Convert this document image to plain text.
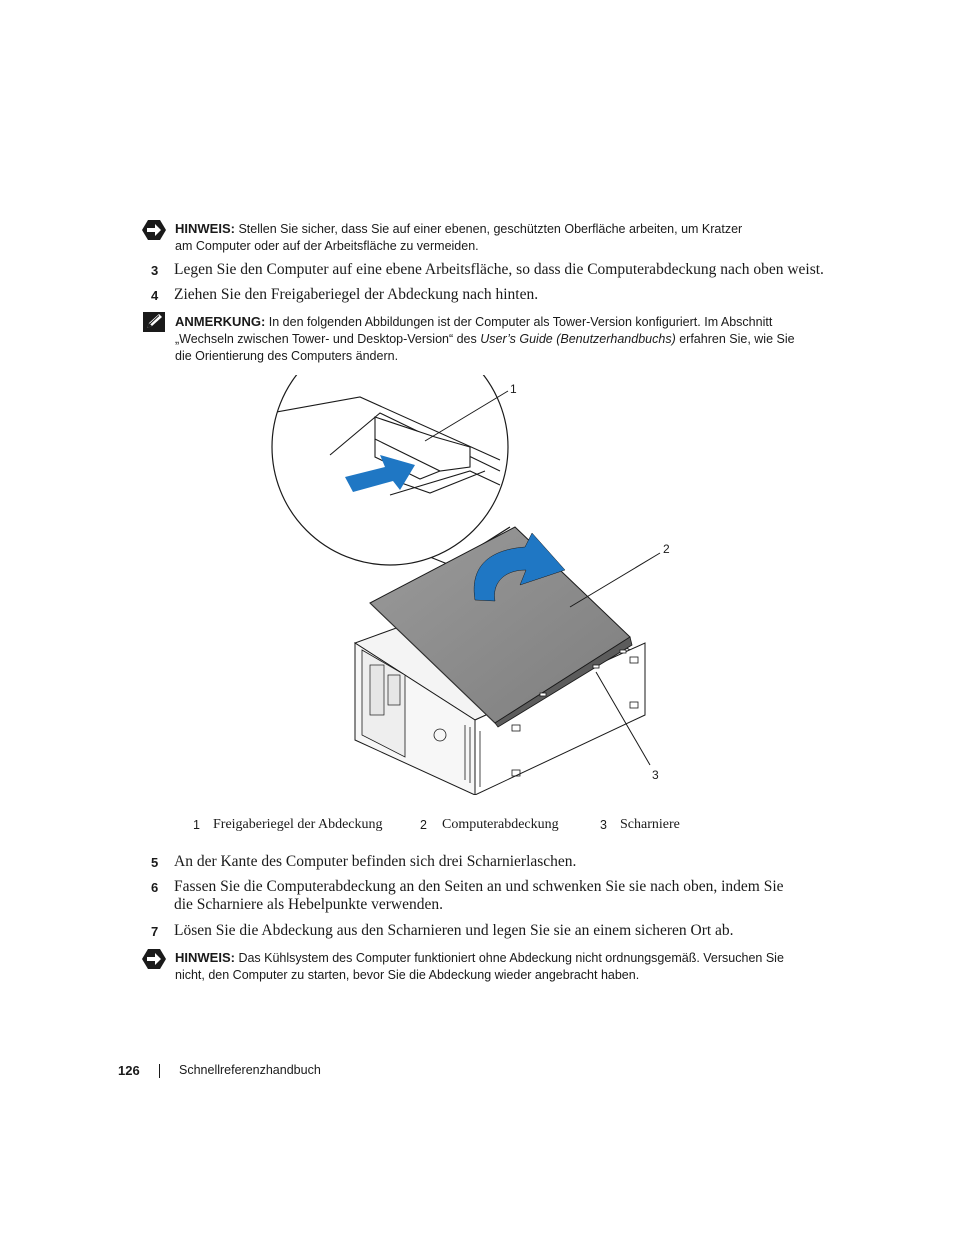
HINWEIS: Stellen Sie sicher, dass Sie auf einer ebenen, geschützten Oberfläche arbeiten, um Kratzer
am Computer oder auf der Arbeitsfläche zu vermeiden.
3	Legen Sie den Computer auf eine ebene Arbeitsfläche, so dass die Computerabdeckung nach oben weist.
4	Ziehen Sie den Freigaberiegel der Abdeckung nach hinten.
ANMERKUNG: In den folgenden Abbildungen ist der Computer als Tower-Version konfiguriert. Im Abschnitt
„Wechseln zwischen Tower- und Desktop-Version“ des User’s Guide (Benutzerhandbuchs) erfahren Sie, wie Sie
die Orientierung des Computers ändern.
1
2
3
1 Freigaberiegel der Abdeckung	2 Computerabdeckung	3 Scharniere
5	An der Kante des Computer befinden sich drei Scharnierlaschen.
6	Fassen Sie die Computerabdeckung an den Seiten an und schwenken Sie sie nach oben, indem Sie
die Scharniere als Hebelpunkte verwenden.
7	Lösen Sie die Abdeckung aus den Scharnieren und legen Sie sie an einem sicheren Ort ab.
HINWEIS: Das Kühlsystem des Computer funktioniert ohne Abdeckung nicht ordnungsgemäß. Versuchen Sie
nicht, den Computer zu starten, bevor Sie die Abdeckung wieder angebracht haben.
126	Schnellreferenzhandbuch
